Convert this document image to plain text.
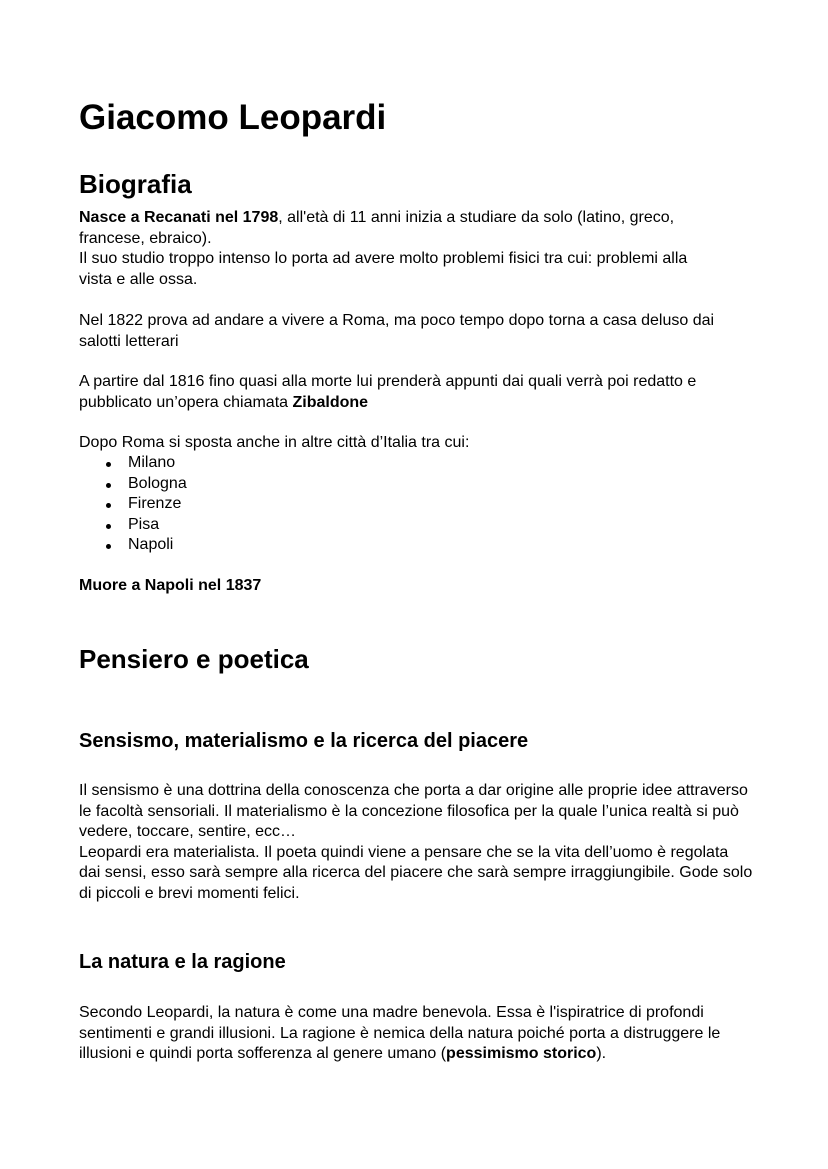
Giacomo Leopardi
Biografia
Nasce a Recanati nel 1798, all'età di 11 anni inizia a studiare da solo (latino, greco, francese, ebraico).
Il suo studio troppo intenso lo porta ad avere molto problemi fisici tra cui: problemi alla vista e alle ossa.

Nel 1822 prova ad andare a vivere a Roma, ma poco tempo dopo torna a casa deluso dai salotti letterari

A partire dal 1816 fino quasi alla morte lui prenderà appunti dai quali verrà poi redatto e pubblicato un’opera chiamata Zibaldone

Dopo Roma si sposta anche in altre città d’Italia tra cui:

Milano
Bologna
Firenze
Pisa
Napoli

Muore a Napoli nel 1837

Pensiero e poetica
Sensismo, materialismo e la ricerca del piacere
Il sensismo è una dottrina della conoscenza che porta a dar origine alle proprie idee attraverso le facoltà sensoriali. Il materialismo è la concezione filosofica per la quale l’unica realtà si può vedere, toccare, sentire, ecc…
Leopardi era materialista. Il poeta quindi viene a pensare che se la vita dell’uomo è regolata dai sensi, esso sarà sempre alla ricerca del piacere che sarà sempre irraggiungibile. Gode solo di piccoli e brevi momenti felici.
La natura e la ragione
Secondo Leopardi, la natura è come una madre benevola. Essa è l'ispiratrice di profondi sentimenti e grandi illusioni. La ragione è nemica della natura poiché porta a distruggere le illusioni e quindi porta sofferenza al genere umano (pessimismo storico).
